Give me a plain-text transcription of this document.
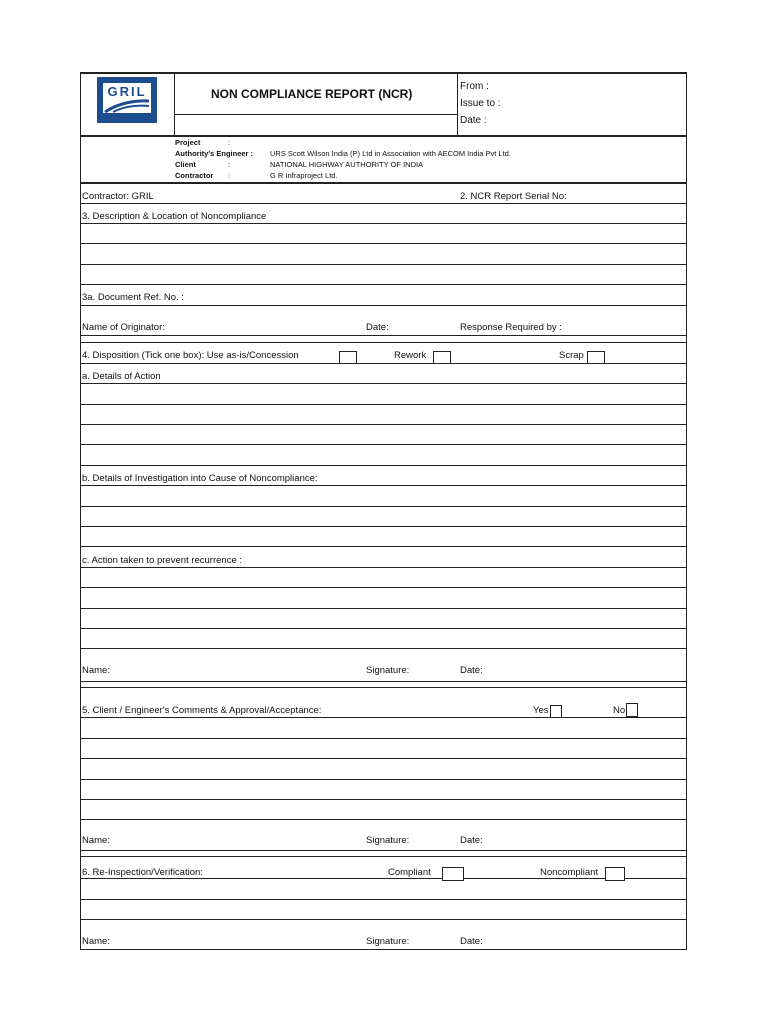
GRIL	NON COMPLIANCE REPORT (NCR)
From :
Issue to :
Date :
Project	:
Authority's Engineer : URS Scott Wilson India (P) Ltd in Association with AECOM India Pvt Ltd.
Client	:	NATIONAL HIGHWAY AUTHORITY OF INDIA
Contractor :	G R Infraproject Ltd.
Contractor: GRIL	2. NCR Report Serial No:
3. Description & Location of Noncompliance
3a. Document Ref. No. :
Name of Originator:	Date:	Response Required by :
4. Disposition (Tick one box): Use as-is/Concession	Rework	Scrap
a. Details of Action
b. Details of Investigation into Cause of Noncompliance:
c. Action taken to prevent recurrence :
Name:	Signature:	Date:
5. Client / Engineer's Comments & Approval/Acceptance:	Yes	No
Name:	Signature:	Date:
6. Re-Inspection/Verification:	Compliant	Noncompliant
Name:	Signature:	Date:
